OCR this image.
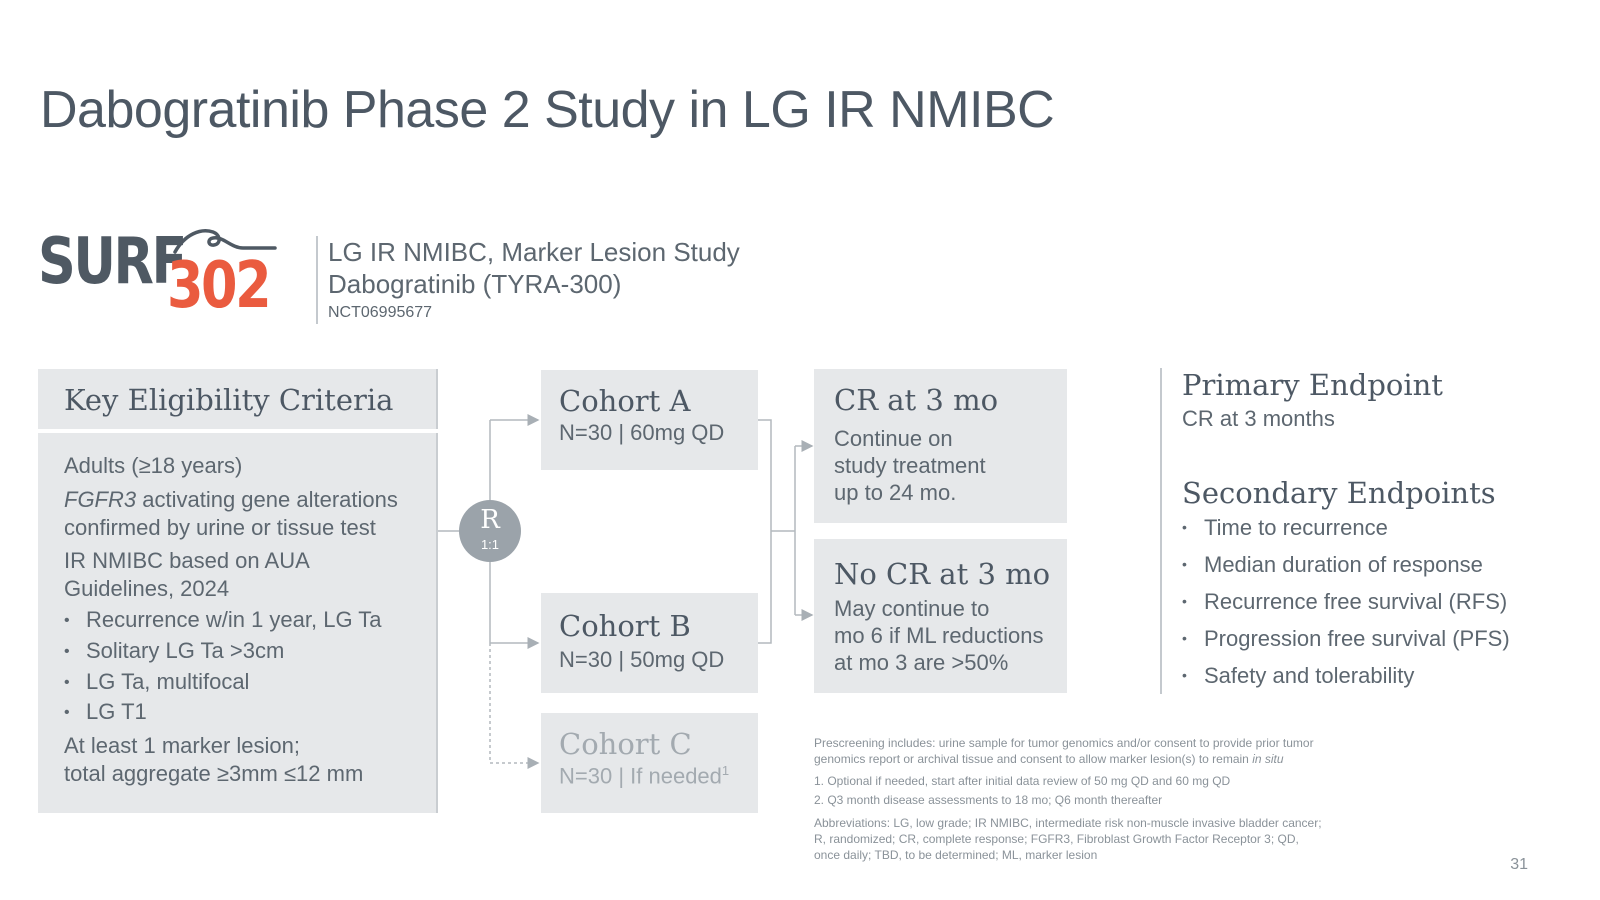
Dabogratinib Phase 2 Study in LG IR NMIBC
SURF
302 LG IR NMIBC, Marker Lesion Study
Dabogratinib (TYRA-300)
NCT06995677
Key Eligibility Criteria
Adults (≥18 years)
FGFR3 activating gene alterations
confirmed by urine or tissue test
IR NMIBC based on AUA
Guidelines, 2024
• Recurrence w/in 1 year, LG Ta
• Solitary LG Ta >3cm
• LG Ta, multifocal
• LG T1
At least 1 marker lesion;
total aggregate ≥3mm ≤12 mm
R
1:1
Cohort A
N=30 | 60mg QD
Cohort B
N=30 | 50mg QD
Cohort C
N=30 | If needed$^1$
CR at 3 mo
Continue on
study treatment
up to 24 mo.
No CR at 3 mo
May continue to
mo 6 if ML reductions
at mo 3 are >50%
Primary Endpoint
CR at 3 months
Secondary Endpoints
• Time to recurrence
• Median duration of response
• Recurrence free survival (RFS)
• Progression free survival (PFS)
• Safety and tolerability
Prescreening includes: urine sample for tumor genomics and/or consent to provide prior tumor
genomics report or archival tissue and consent to allow marker lesion(s) to remain in situ
1. Optional if needed, start after initial data review of 50 mg QD and 60 mg QD
2. Q3 month disease assessments to 18 mo; Q6 month thereafter
Abbreviations: LG, low grade; IR NMIBC, intermediate risk non-muscle invasive bladder cancer;
R, randomized; CR, complete response; FGFR3, Fibroblast Growth Factor Receptor 3; QD,
once daily; TBD, to be determined; ML, marker lesion
31
